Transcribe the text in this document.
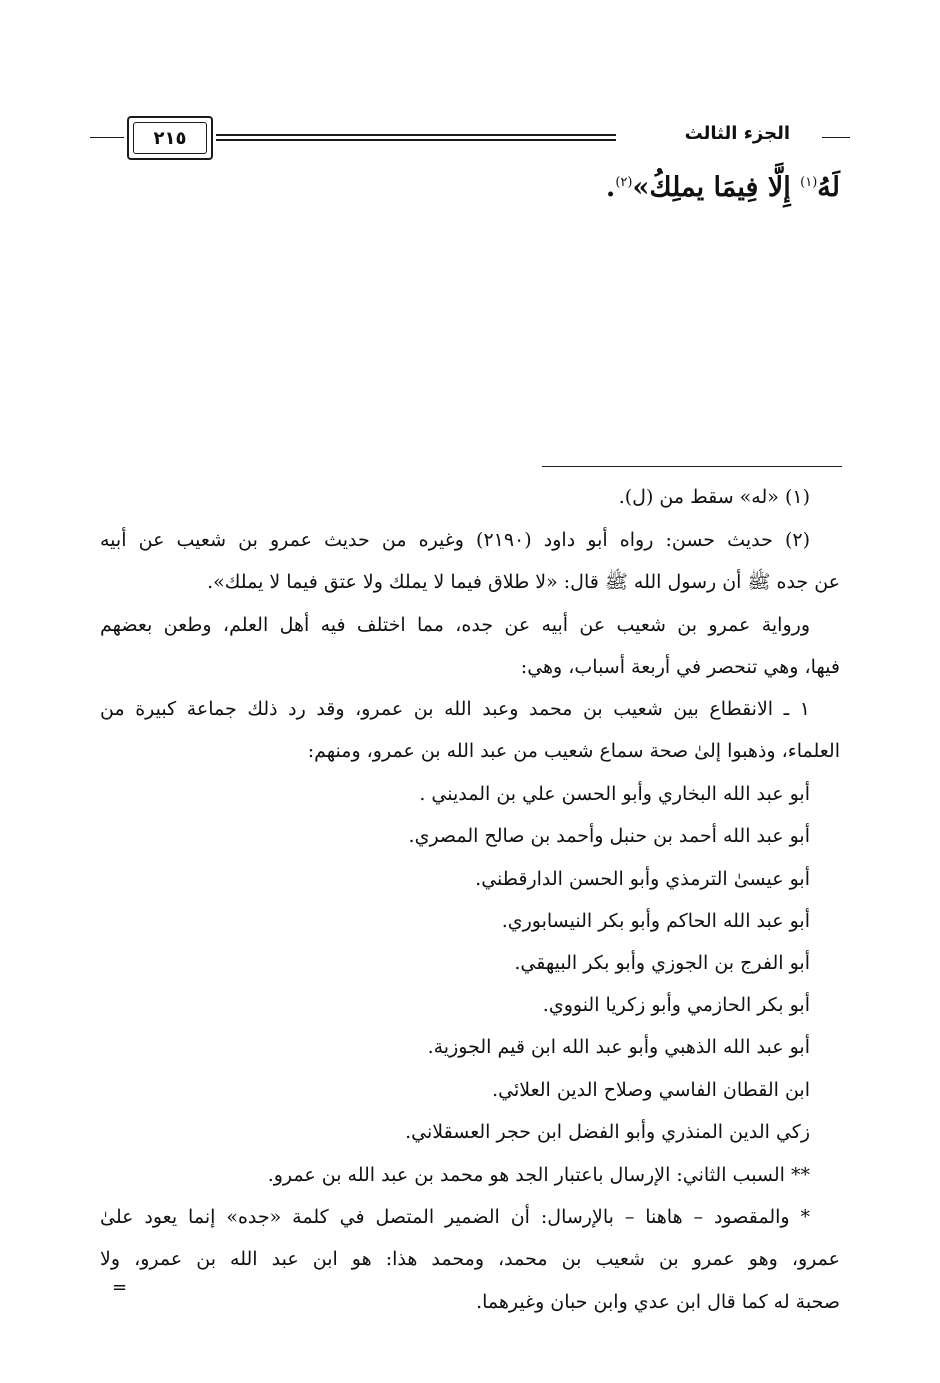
الجزء الثالث
٢١٥
لَهُ$^{(١)}$ إِلَّا فِيمَا يملِكُ»$^{(٢)}$.
(١) «له» سقط من (ل).
(٢) حديث حسن: رواه أبو داود (٢١٩٠) وغيره من حديث عمرو بن شعيب عن أبيه
عن جده ﷺ أن رسول الله ﷺ قال: «لا طلاق فيما لا يملك ولا عتق فيما لا يملك».
ورواية عمرو بن شعيب عن أبيه عن جده، مما اختلف فيه أهل العلم، وطعن بعضهم
فيها، وهي تنحصر في أربعة أسباب، وهي:
١ ـ الانقطاع بين شعيب بن محمد وعبد الله بن عمرو، وقد رد ذلك جماعة كبيرة من
العلماء، وذهبوا إلىٰ صحة سماع شعيب من عبد الله بن عمرو، ومنهم:
أبو عبد الله البخاري وأبو الحسن علي بن المديني .
أبو عبد الله أحمد بن حنبل وأحمد بن صالح المصري.
أبو عيسىٰ الترمذي وأبو الحسن الدارقطني.
أبو عبد الله الحاكم وأبو بكر النيسابوري.
أبو الفرج بن الجوزي وأبو بكر البيهقي.
أبو بكر الحازمي وأبو زكريا النووي.
أبو عبد الله الذهبي وأبو عبد الله ابن قيم الجوزية.
ابن القطان الفاسي وصلاح الدين العلائي.
زكي الدين المنذري وأبو الفضل ابن حجر العسقلاني.
** السبب الثاني: الإرسال باعتبار الجد هو محمد بن عبد الله بن عمرو.
* والمقصود – هاهنا – بالإرسال: أن الضمير المتصل في كلمة «جده» إنما يعود علىٰ
عمرو، وهو عمرو بن شعيب بن محمد، ومحمد هذا: هو ابن عبد الله بن عمرو، ولا
صحبة له كما قال ابن عدي وابن حبان وغيرهما.
=
